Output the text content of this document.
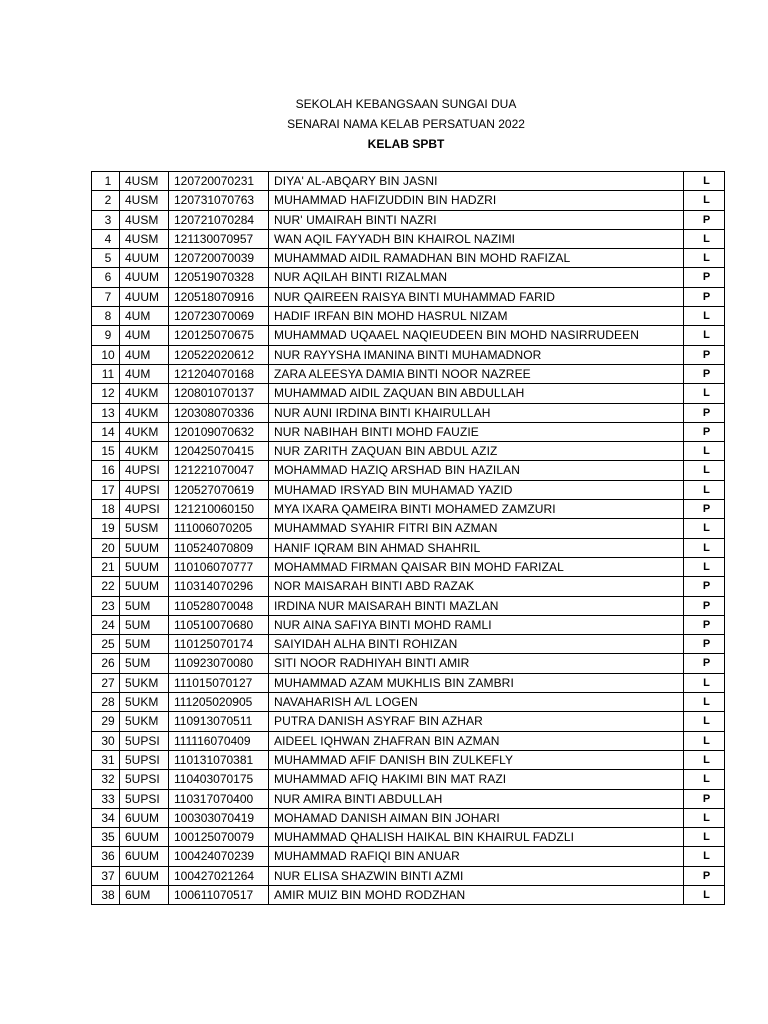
SEKOLAH KEBANGSAAN SUNGAI DUA
SENARAI NAMA KELAB PERSATUAN 2022
KELAB SPBT
1	4USM	120720070231	DIYA' AL-ABQARY BIN JASNI	L
2	4USM	120731070763	MUHAMMAD HAFIZUDDIN BIN HADZRI	L
3	4USM	120721070284	NUR' UMAIRAH BINTI NAZRI	P
4	4USM	121130070957	WAN AQIL FAYYADH BIN KHAIROL NAZIMI	L
5	4UUM	120720070039	MUHAMMAD AIDIL RAMADHAN BIN MOHD RAFIZAL	L
6	4UUM	120519070328	NUR AQILAH BINTI RIZALMAN	P
7	4UUM	120518070916	NUR QAIREEN RAISYA BINTI MUHAMMAD FARID	P
8	4UM	120723070069	HADIF IRFAN BIN MOHD HASRUL NIZAM	L
9	4UM	120125070675	MUHAMMAD UQAAEL NAQIEUDEEN BIN MOHD NASIRRUDEEN	L
10	4UM	120522020612	NUR RAYYSHA IMANINA BINTI MUHAMADNOR	P
11	4UM	121204070168	ZARA ALEESYA DAMIA BINTI NOOR NAZREE	P
12	4UKM	120801070137	MUHAMMAD AIDIL ZAQUAN BIN ABDULLAH	L
13	4UKM	120308070336	NUR AUNI IRDINA BINTI KHAIRULLAH	P
14	4UKM	120109070632	NUR NABIHAH BINTI MOHD FAUZIE	P
15	4UKM	120425070415	NUR ZARITH ZAQUAN BIN ABDUL AZIZ	L
16	4UPSI	121221070047	MOHAMMAD HAZIQ ARSHAD BIN HAZILAN	L
17	4UPSI	120527070619	MUHAMAD IRSYAD BIN MUHAMAD YAZID	L
18	4UPSI	121210060150	MYA IXARA QAMEIRA BINTI MOHAMED ZAMZURI	P
19	5USM	111006070205	MUHAMMAD SYAHIR FITRI BIN AZMAN	L
20	5UUM	110524070809	HANIF IQRAM BIN AHMAD SHAHRIL	L
21	5UUM	110106070777	MOHAMMAD FIRMAN QAISAR BIN MOHD FARIZAL	L
22	5UUM	110314070296	NOR MAISARAH BINTI ABD RAZAK	P
23	5UM	110528070048	IRDINA NUR MAISARAH BINTI MAZLAN	P
24	5UM	110510070680	NUR AINA SAFIYA BINTI MOHD RAMLI	P
25	5UM	110125070174	SAIYIDAH ALHA BINTI ROHIZAN	P
26	5UM	110923070080	SITI NOOR RADHIYAH BINTI AMIR	P
27	5UKM	111015070127	MUHAMMAD AZAM MUKHLIS BIN ZAMBRI	L
28	5UKM	111205020905	NAVAHARISH A/L LOGEN	L
29	5UKM	110913070511	PUTRA DANISH ASYRAF BIN AZHAR	L
30	5UPSI	111116070409	AIDEEL IQHWAN ZHAFRAN BIN AZMAN	L
31	5UPSI	110131070381	MUHAMMAD AFIF DANISH BIN ZULKEFLY	L
32	5UPSI	110403070175	MUHAMMAD AFIQ HAKIMI BIN MAT RAZI	L
33	5UPSI	110317070400	NUR AMIRA BINTI ABDULLAH	P
34	6UUM	100303070419	MOHAMAD DANISH AIMAN BIN JOHARI	L
35	6UUM	100125070079	MUHAMMAD QHALISH HAIKAL BIN KHAIRUL FADZLI	L
36	6UUM	100424070239	MUHAMMAD RAFIQI BIN ANUAR	L
37	6UUM	100427021264	NUR ELISA SHAZWIN BINTI AZMI	P
38	6UM	100611070517	AMIR MUIZ BIN MOHD RODZHAN	L
